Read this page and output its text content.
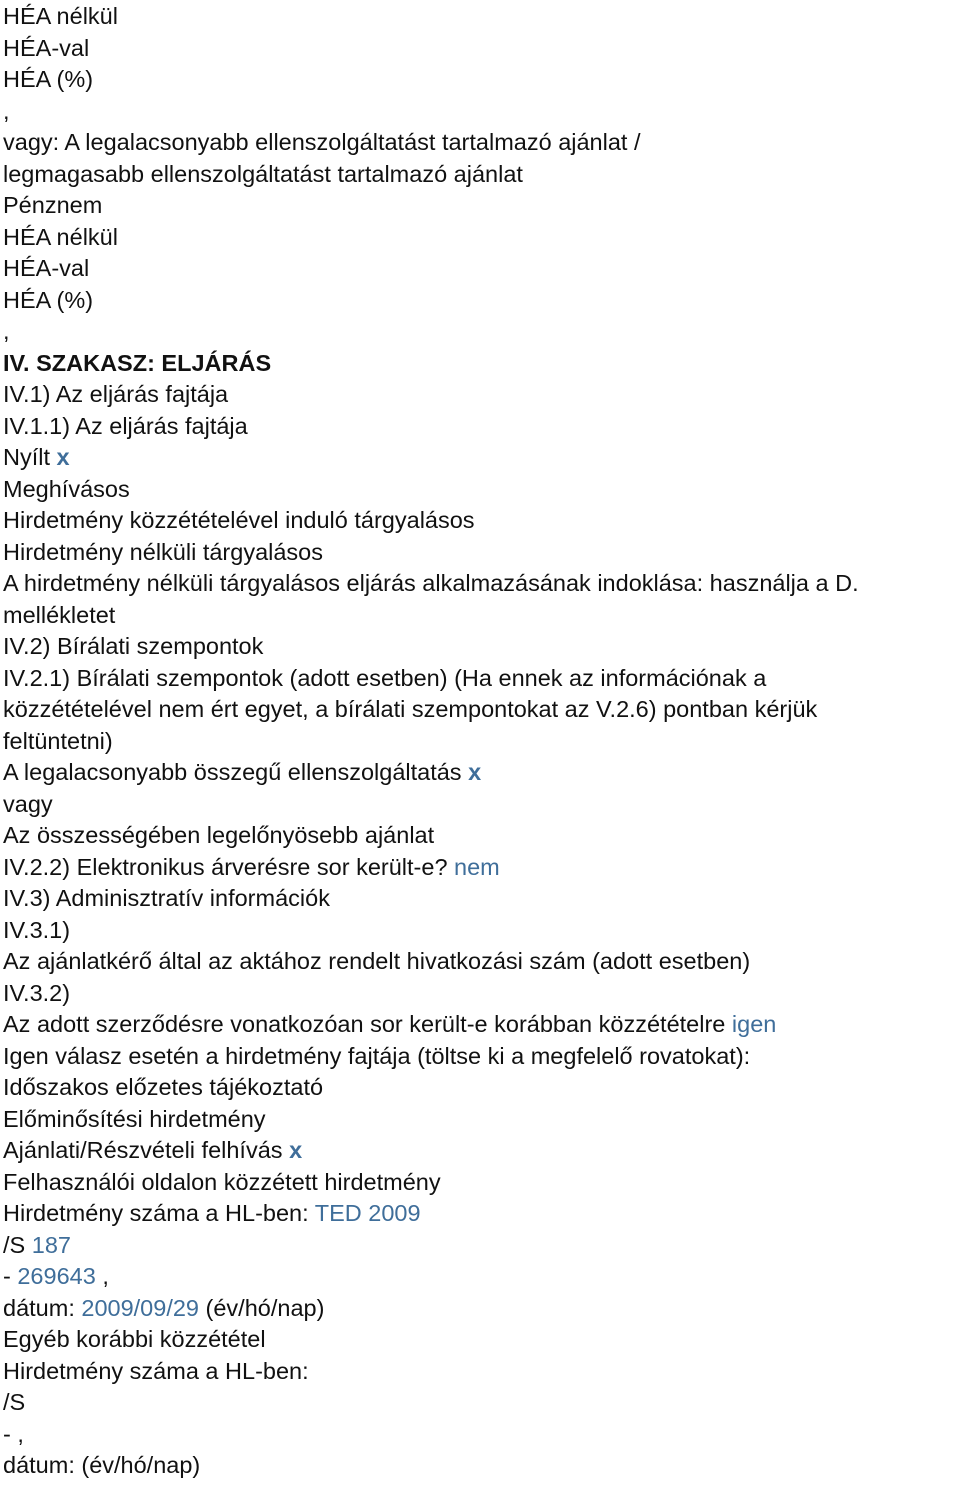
HÉA nélkül
HÉA-val
HÉA (%)
,
vagy: A legalacsonyabb ellenszolgáltatást tartalmazó ajánlat /
legmagasabb ellenszolgáltatást tartalmazó ajánlat
Pénznem
HÉA nélkül
HÉA-val
HÉA (%)
,
IV. SZAKASZ: ELJÁRÁS
IV.1) Az eljárás fajtája
IV.1.1) Az eljárás fajtája
Nyílt x
Meghívásos
Hirdetmény közzétételével induló tárgyalásos
Hirdetmény nélküli tárgyalásos
A hirdetmény nélküli tárgyalásos eljárás alkalmazásának indoklása: használja a D.
mellékletet
IV.2) Bírálati szempontok
IV.2.1) Bírálati szempontok (adott esetben) (Ha ennek az információnak a
közzétételével nem ért egyet, a bírálati szempontokat az V.2.6) pontban kérjük
feltüntetni)
A legalacsonyabb összegű ellenszolgáltatás x
vagy
Az összességében legelőnyösebb ajánlat
IV.2.2) Elektronikus árverésre sor került-e? nem
IV.3) Adminisztratív információk
IV.3.1)
Az ajánlatkérő által az aktához rendelt hivatkozási szám (adott esetben)
IV.3.2)
Az adott szerződésre vonatkozóan sor került-e korábban közzétételre igen
Igen válasz esetén a hirdetmény fajtája (töltse ki a megfelelő rovatokat):
Időszakos előzetes tájékoztató
Előminősítési hirdetmény
Ajánlati/Részvételi felhívás x
Felhasználói oldalon közzétett hirdetmény
Hirdetmény száma a HL-ben: TED 2009
/S 187
- 269643 ,
dátum: 2009/09/29 (év/hó/nap)
Egyéb korábbi közzététel
Hirdetmény száma a HL-ben:
/S
- ,
dátum: (év/hó/nap)
